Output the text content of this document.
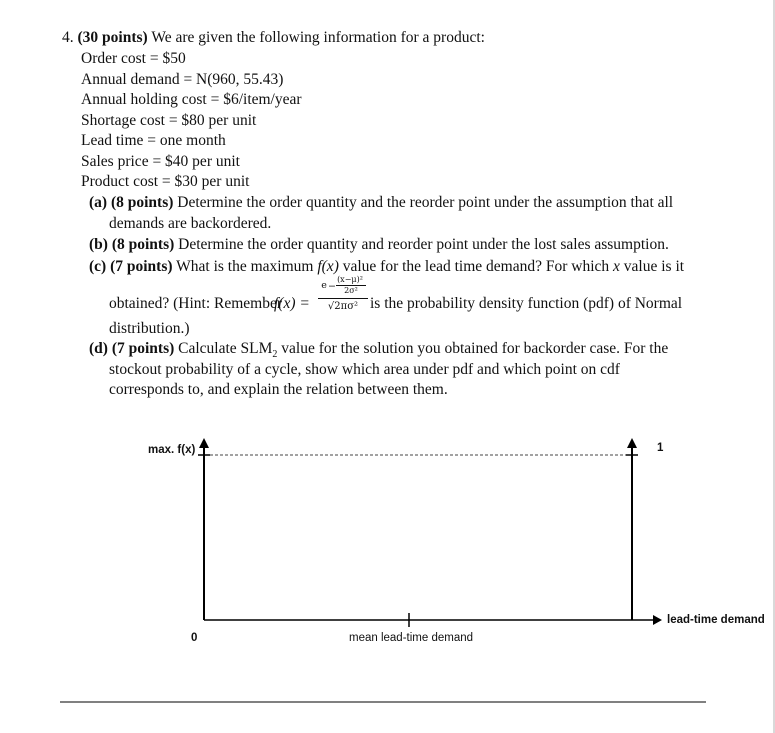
4. (30 points) We are given the following information for a product:
Order cost = $50
Annual demand = N(960, 55.43)
Annual holding cost = $6/item/year
Shortage cost = $80 per unit
Lead time = one month
Sales price = $40 per unit
Product cost = $30 per unit
(a) (8 points) Determine the order quantity and the reorder point under the assumption that all
demands are backordered.
(b) (8 points) Determine the order quantity and reorder point under the lost sales assumption.
(c) (7 points) What is the maximum f(x) value for the lead time demand? For which x value is it
obtained? (Hint: Remember
f(x) =
e −
(x−μ)²
2σ²
√2πσ² is the probability density function (pdf) of Normal
distribution.)
(d) (7 points) Calculate $SLM_2$ value for the solution you obtained for backorder case. For the
stockout probability of a cycle, show which area under pdf and which point on cdf
corresponds to, and explain the relation between them.
max. f(x)
0	mean lead-time demand
lead-time demand
1
